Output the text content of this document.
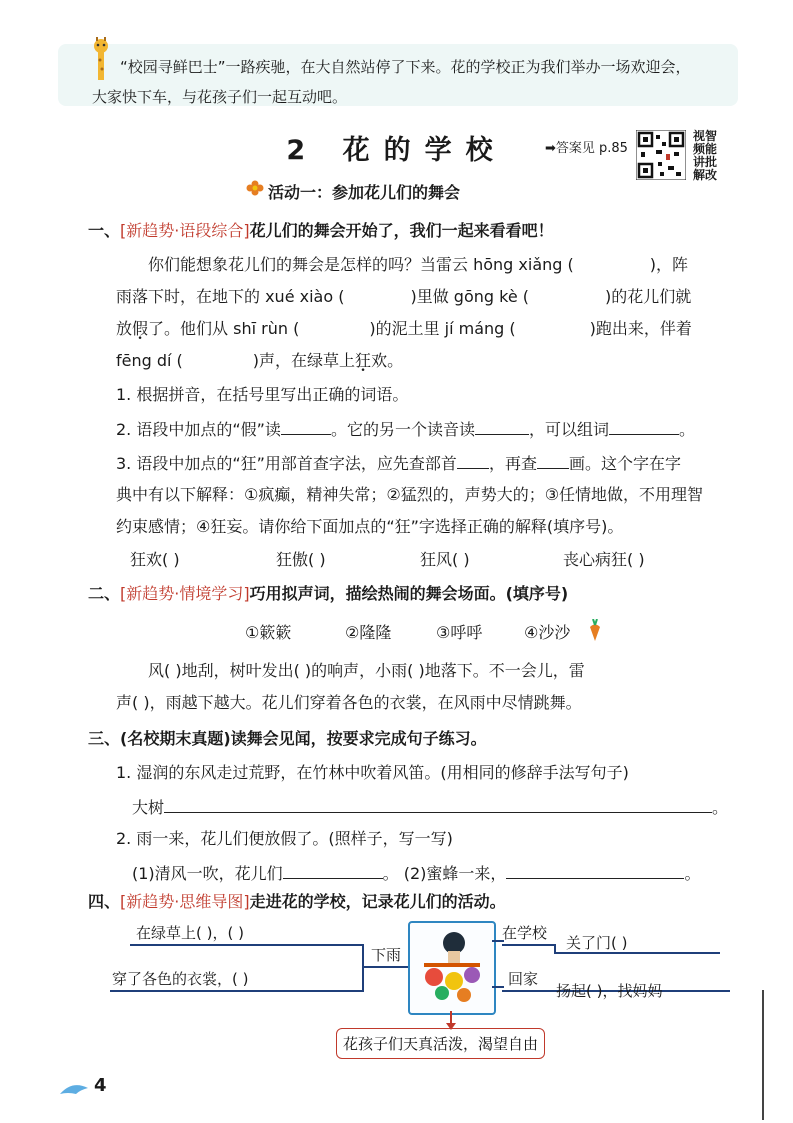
“校园寻鲜巴士”一路疾驰，在大自然站停了下来。花的学校正为我们举办一场欢迎会，

大家快下车，与花孩子们一起互动吧。

2 花的学校	➡答案见 p.85
视智频能讲批解改
活动一：参加花儿们的舞会
一、[新趋势·语段综合]花儿们的舞会开始了，我们一起来看看吧！
你们能想象花儿们的舞会是怎样的吗？当雷云 hōng xiǎng (	)，阵
雨落下时，在地下的 xué xiào (	)里做 gōng kè (	)的花儿们就
放假了。他们从 shī rùn (	)的泥土里 jí máng (	)跑出来，伴着
fēng dí (	)声，在绿草上狂欢。
1. 根据拼音，在括号里写出正确的词语。
2. 语段中加点的“假”读	。它的另一个读音读	，可以组词	。
3. 语段中加点的“狂”用部首查字法，应先查部首 ，再查 画。这个字在字
典中有以下解释：①疯癫，精神失常；②猛烈的，声势大的；③任情地做，不用理智
约束感情；④狂妄。请你给下面加点的“狂”字选择正确的解释(填序号)。
狂欢( )	狂傲( )	狂风( )	丧心病狂( )
二、[新趋势·情境学习]巧用拟声词，描绘热闹的舞会场面。(填序号)
①簌簌	②隆隆	③呼呼	④沙沙
风( )地刮，树叶发出( )的响声，小雨( )地落下。不一会儿，雷
声( )，雨越下越大。花儿们穿着各色的衣裳，在风雨中尽情跳舞。
三、(名校期末真题)读舞会见闻，按要求完成句子练习。
1. 湿润的东风走过荒野，在竹林中吹着风笛。(用相同的修辞手法写句子)
大树	。
2. 雨一来，花儿们便放假了。(照样子，写一写)
(1)清风一吹，花儿们	。 (2)蜜蜂一来，	。
四、[新趋势·思维导图]走进花的学校，记录花儿们的活动。
在绿草上( )，( )
穿了各色的衣裳，( )
下雨
在学校
关了门( )
回家
扬起( )，找妈妈
花孩子们天真活泼，渴望自由
4
